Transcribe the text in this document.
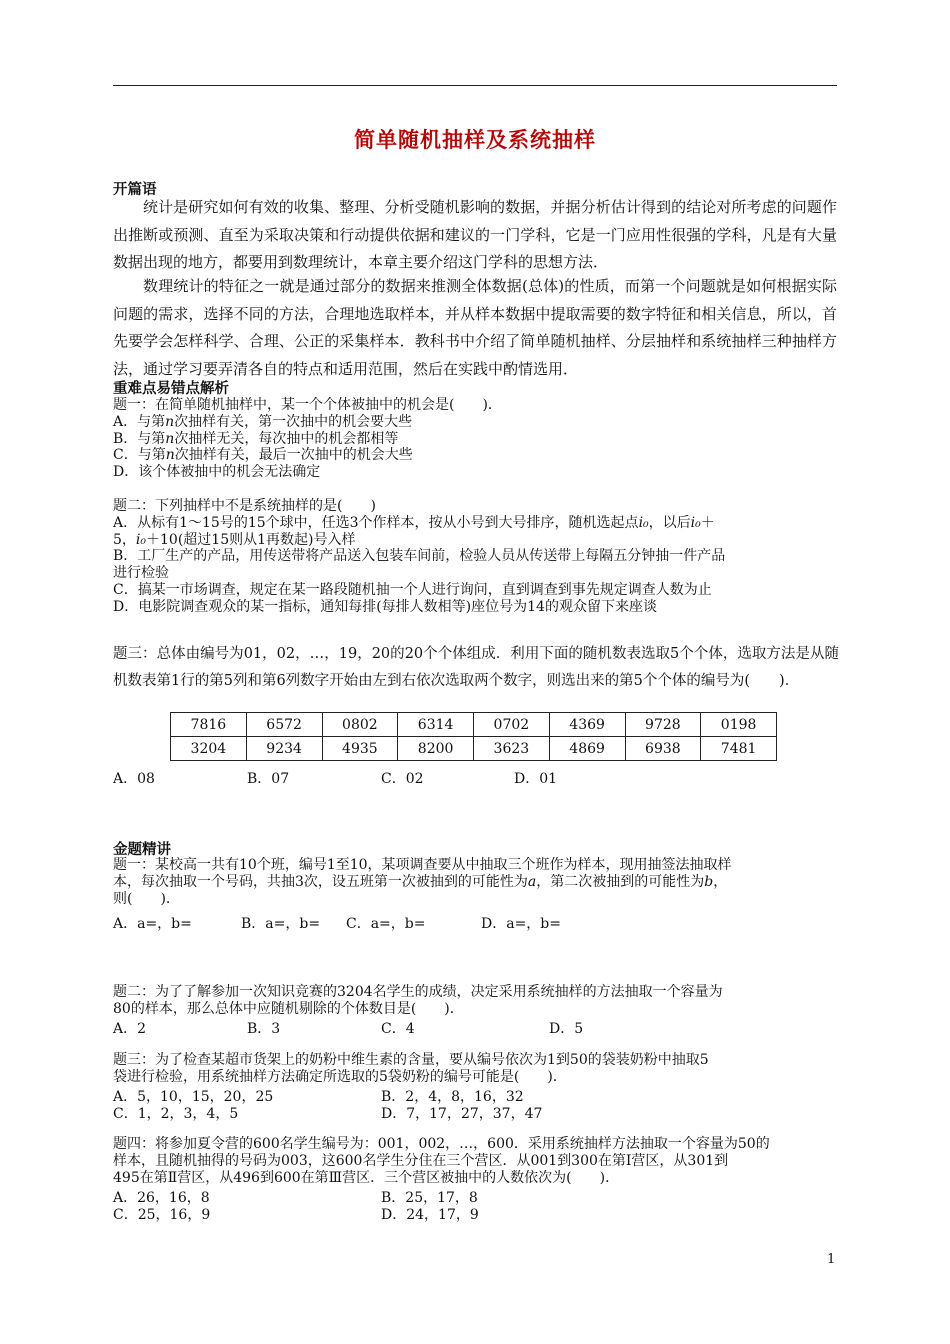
简单随机抽样及系统抽样
开篇语
统计是研究如何有效的收集、整理、分析受随机影响的数据，并据分析估计得到的结论对所考虑的问题作出推断或预测、直至为采取决策和行动提供依据和建议的一门学科，它是一门应用性很强的学科，凡是有大量数据出现的地方，都要用到数理统计，本章主要介绍这门学科的思想方法．
数理统计的特征之一就是通过部分的数据来推测全体数据(总体)的性质，而第一个问题就是如何根据实际问题的需求，选择不同的方法，合理地选取样本，并从样本数据中提取需要的数字特征和相关信息，所以，首先要学会怎样科学、合理、公正的采集样本．教科书中介绍了简单随机抽样、分层抽样和系统抽样三种抽样方法，通过学习要弄清各自的特点和适用范围，然后在实践中酌情选用．
重难点易错点解析
题一：在简单随机抽样中，某一个个体被抽中的机会是(　　)．
A．与第n次抽样有关，第一次抽中的机会要大些
B．与第n次抽样无关，每次抽中的机会都相等
C．与第n次抽样有关，最后一次抽中的机会大些
D．该个体被抽中的机会无法确定
题二：下列抽样中不是系统抽样的是(　　)
A．从标有1～15号的15个球中，任选3个作样本，按从小号到大号排序，随机选起点i₀，以后i₀＋
5，i₀＋10(超过15则从1再数起)号入样
B．工厂生产的产品，用传送带将产品送入包装车间前，检验人员从传送带上每隔五分钟抽一件产品
进行检验
C．搞某一市场调查，规定在某一路段随机抽一个人进行询问，直到调查到事先规定调查人数为止
D．电影院调查观众的某一指标，通知每排(每排人数相等)座位号为14的观众留下来座谈
题三：总体由编号为01，02，…，19，20的20个个体组成．利用下面的随机数表选取5个个体，选取方法是从随机数表第1行的第5列和第6列数字开始由左到右依次选取两个数字，则选出来的第5个个体的编号为(　　)．
7816	6572	0802	6314	0702	4369	9728	0198
3204	9234	4935	8200	3623	4869	6938	7481
A．08	B．07	C．02	D．01
金题精讲
题一：某校高一共有10个班，编号1至10，某项调查要从中抽取三个班作为样本，现用抽签法抽取样
本，每次抽取一个号码，共抽3次，设五班第一次被抽到的可能性为a，第二次被抽到的可能性为b，
则(　　)．
A．a=，b=	B．a=，b= C．a=，b=	D．a=，b=
题二：为了了解参加一次知识竞赛的3204名学生的成绩，决定采用系统抽样的方法抽取一个容量为
80的样本，那么总体中应随机剔除的个体数目是(　　)．
A．2	B．3	C．4	D．5
题三：为了检查某超市货架上的奶粉中维生素的含量，要从编号依次为1到50的袋装奶粉中抽取5
袋进行检验，用系统抽样方法确定所选取的5袋奶粉的编号可能是(　　)．
A．5，10，15，20，25	B．2，4，8，16，32
C．1，2，3，4，5	D．7，17，27，37，47
题四：将参加夏令营的600名学生编号为：001，002，…，600．采用系统抽样方法抽取一个容量为50的
样本，且随机抽得的号码为003，这600名学生分住在三个营区．从001到300在第Ⅰ营区，从301到
495在第Ⅱ营区，从496到600在第Ⅲ营区．三个营区被抽中的人数依次为(　　)．
A．26，16，8	B．25，17，8
C．25，16，9	D．24，17，9
1
